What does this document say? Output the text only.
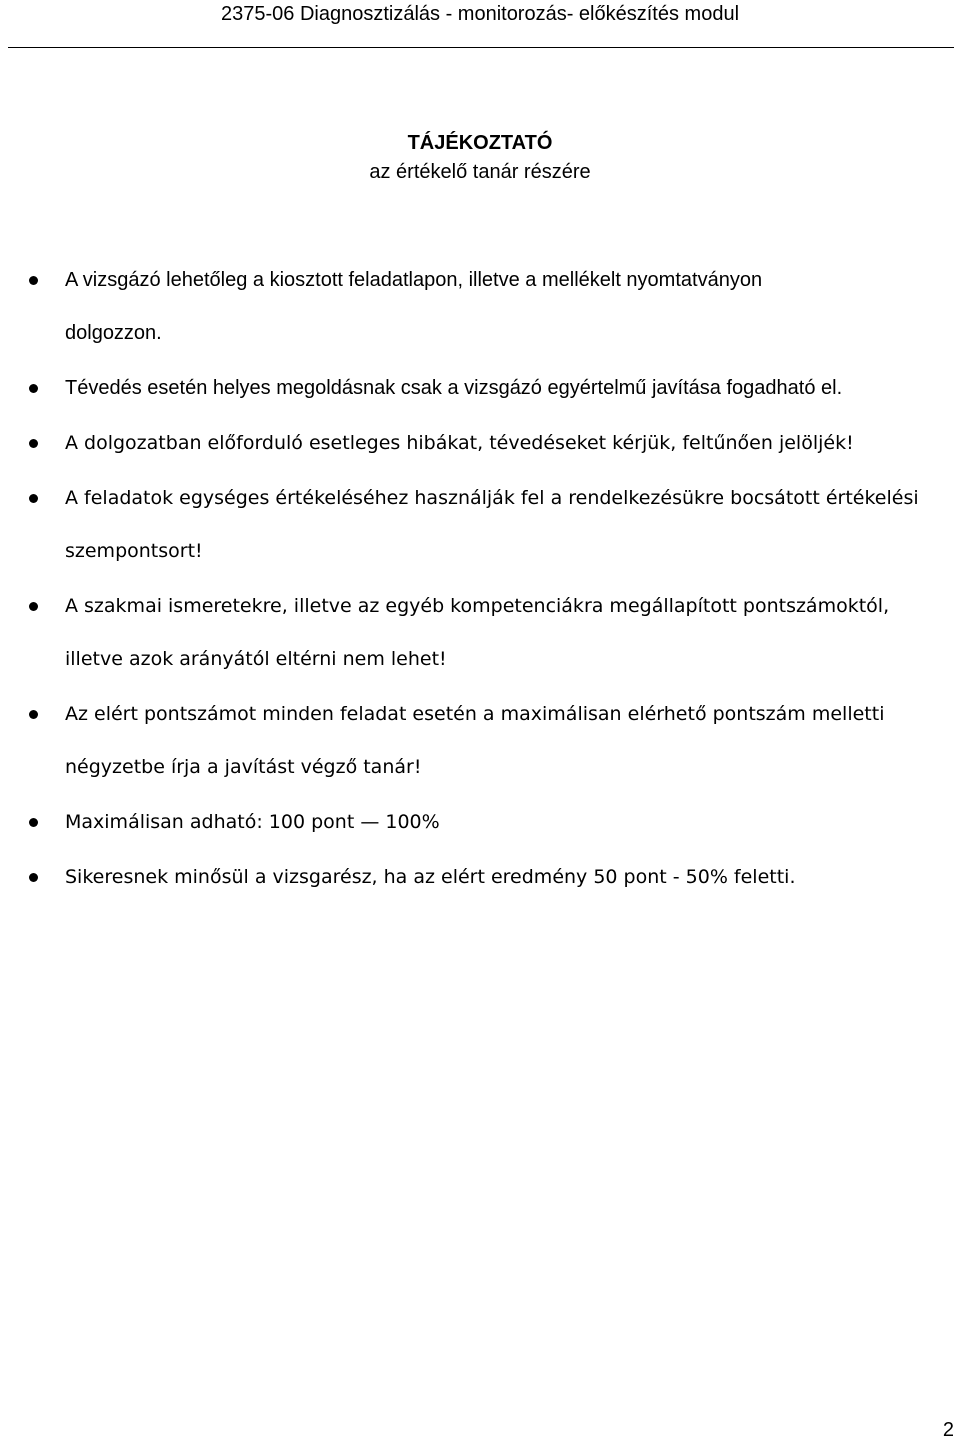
2375-06 Diagnosztizálás - monitorozás- előkészítés modul
TÁJÉKOZTATÓ
az értékelő tanár részére
A vizsgázó lehetőleg a kiosztott feladatlapon, illetve a mellékelt nyomtatványon
dolgozzon.
Tévedés esetén helyes megoldásnak csak a vizsgázó egyértelmű javítása fogadható el.
A dolgozatban előforduló esetleges hibákat, tévedéseket kérjük, feltűnően jelöljék!
A feladatok egységes értékeléséhez használják fel a rendelkezésükre bocsátott értékelési
szempontsort!
A szakmai ismeretekre, illetve az egyéb kompetenciákra megállapított pontszámoktól,
illetve azok arányától eltérni nem lehet!
Az elért pontszámot minden feladat esetén a maximálisan elérhető pontszám melletti
négyzetbe írja a javítást végző tanár!
Maximálisan adható: 100 pont — 100%
Sikeresnek minősül a vizsgarész, ha az elért eredmény 50 pont - 50% feletti.
2
